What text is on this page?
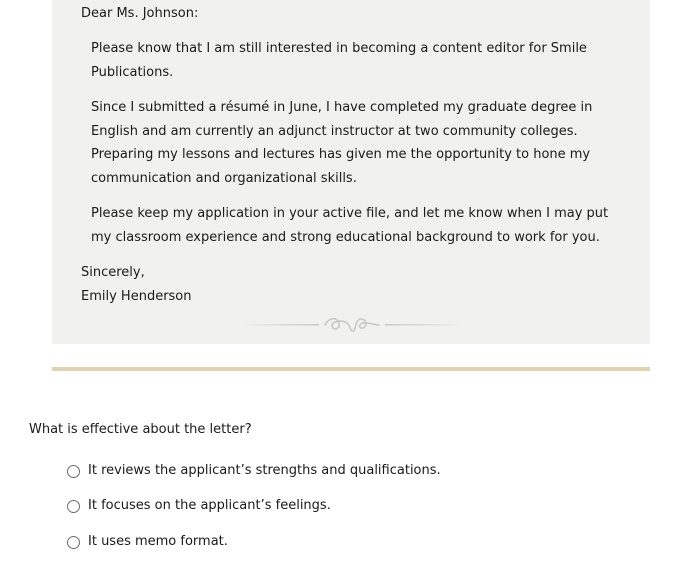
Dear Ms. Johnson:

Please know that I am still interested in becoming a content editor for Smile Publications.

Since I submitted a résumé in June, I have completed my graduate degree in English and am currently an adjunct instructor at two community colleges. Preparing my lessons and lectures has given me the opportunity to hone my communication and organizational skills.

Please keep my application in your active file, and let me know when I may put my classroom experience and strong educational background to work for you.

Sincerely,

Emily Henderson

What is effective about the letter?

It reviews the applicant’s strengths and qualifications.
It focuses on the applicant’s feelings.
It uses memo format.
